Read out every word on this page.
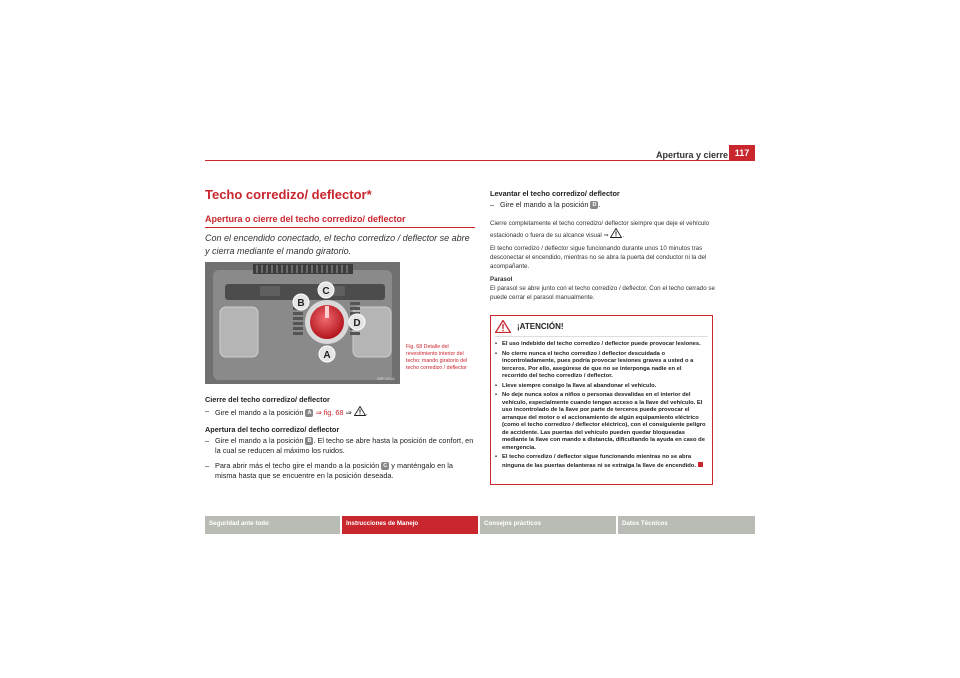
Apertura y cierre 117
Techo corredizo/ deflector*
Apertura o cierre del techo corredizo/ deflector
Con el encendido conectado, el techo corredizo / deflector se abre y cierra mediante el mando giratorio.
B
C
D
A
B5P-0681
Fig. 68 Detalle del revestimiento interior del techo: mando giratorio del techo corredizo / deflector
Cierre del techo corredizo/ deflector
– Gire el mando a la posición A ⇒ fig. 68 ⇒ .
Apertura del techo corredizo/ deflector
– Gire el mando a la posición B . El techo se abre hasta la posición de confort, en la cual se reducen al máximo los ruidos.
– Para abrir más el techo gire el mando a la posición C y manténgalo en la misma hasta que se encuentre en la posición deseada.
Levantar el techo corredizo/ deflector
– Gire el mando a la posición D .
Cierre completamente el techo corredizo/ deflector siempre que deje el vehículo estacionado o fuera de su alcance visual ⇒ .
El techo corredizo / deflector sigue funcionando durante unos 10 minutos tras desconectar el encendido, mientras no se abra la puerta del conductor ni la del acompañante.
Parasol
El parasol se abre junto con el techo corredizo / deflector. Con el techo cerrado se puede cerrar el parasol manualmente.
¡ATENCIÓN!
• El uso indebido del techo corredizo / deflector puede provocar lesiones.
• No cierre nunca el techo corredizo / deflector descuidada o incontroladamente, pues podría provocar lesiones graves a usted o a terceros. Por ello, asegúrese de que no se interponga nadie en el recorrido del techo corredizo / deflector.
• Lleve siempre consigo la llave al abandonar el vehículo.
• No deje nunca solos a niños o personas desvalidas en el interior del vehículo, especialmente cuando tengan acceso a la llave del vehículo. El uso incontrolado de la llave por parte de terceros puede provocar el arranque del motor o el accionamiento de algún equipamiento eléctrico (como el techo corredizo / deflector eléctrico), con el consiguiente peligro de accidente. Las puertas del vehículo pueden quedar bloqueadas mediante la llave con mando a distancia, dificultando la ayuda en caso de emergencia.
• El techo corredizo / deflector sigue funcionando mientras no se abra ninguna de las puertas delanteras ni se extraiga la llave de encendido.
Seguridad ante todo	Instrucciones de Manejo	Consejos prácticos	Datos Técnicos
